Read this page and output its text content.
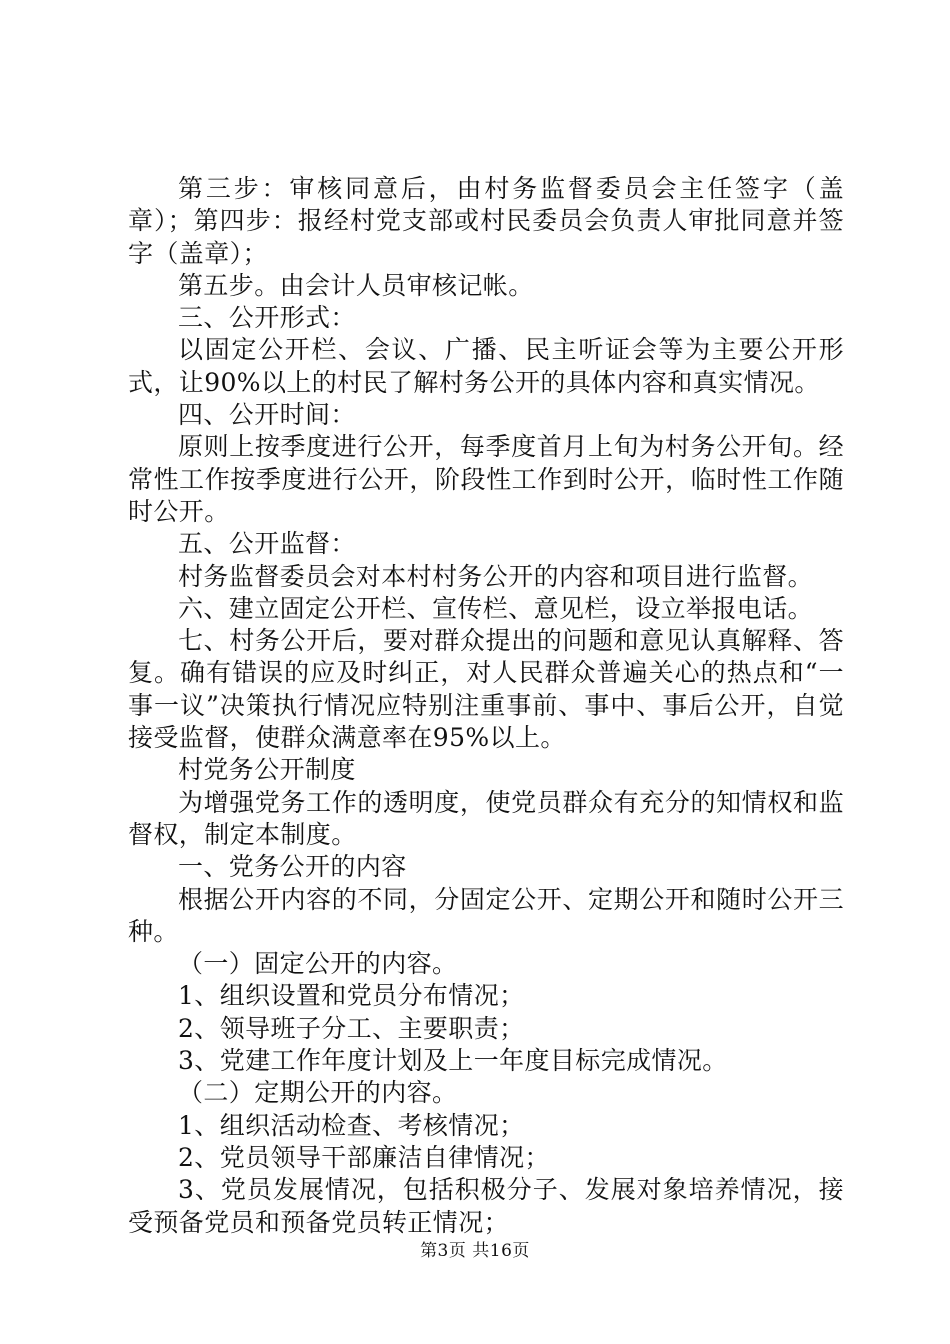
第三步：审核同意后，由村务监督委员会主任签字（盖章）；第四步：报经村党支部或村民委员会负责人审批同意并签字（盖章）；

第五步。由会计人员审核记帐。

三、公开形式：

以固定公开栏、会议、广播、民主听证会等为主要公开形式，让90%以上的村民了解村务公开的具体内容和真实情况。

四、公开时间：

原则上按季度进行公开，每季度首月上旬为村务公开旬。经常性工作按季度进行公开，阶段性工作到时公开，临时性工作随时公开。

五、公开监督：

村务监督委员会对本村村务公开的内容和项目进行监督。

六、建立固定公开栏、宣传栏、意见栏，设立举报电话。

七、村务公开后，要对群众提出的问题和意见认真解释、答复。确有错误的应及时纠正，对人民群众普遍关心的热点和“一事一议”决策执行情况应特别注重事前、事中、事后公开，自觉接受监督，使群众满意率在95%以上。

村党务公开制度

为增强党务工作的透明度，使党员群众有充分的知情权和监督权，制定本制度。

一、党务公开的内容

根据公开内容的不同，分固定公开、定期公开和随时公开三种。

（一）固定公开的内容。

1、组织设置和党员分布情况；

2、领导班子分工、主要职责；

3、党建工作年度计划及上一年度目标完成情况。

（二）定期公开的内容。

1、组织活动检查、考核情况；

2、党员领导干部廉洁自律情况；

3、党员发展情况，包括积极分子、发展对象培养情况，接受预备党员和预备党员转正情况；

第3页 共16页
